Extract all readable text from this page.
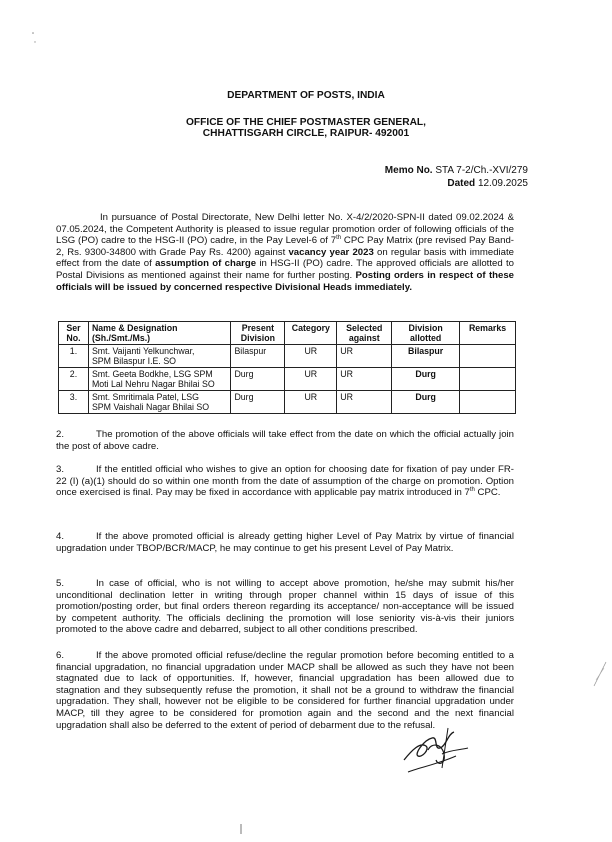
DEPARTMENT OF POSTS, INDIA
OFFICE OF THE CHIEF POSTMASTER GENERAL,
CHHATTISGARH CIRCLE, RAIPUR- 492001
Memo No. STA 7-2/Ch.-XVI/279
Dated 12.09.2025
In pursuance of Postal Directorate, New Delhi letter No. X-4/2/2020-SPN-II dated 09.02.2024 & 07.05.2024, the Competent Authority is pleased to issue regular promotion order of following officials of the LSG (PO) cadre to the HSG-II (PO) cadre, in the Pay Level-6 of 7th CPC Pay Matrix (pre revised Pay Band-2, Rs. 9300-34800 with Grade Pay Rs. 4200) against vacancy year 2023 on regular basis with immediate effect from the date of assumption of charge in HSG-II (PO) cadre. The approved officials are allotted to Postal Divisions as mentioned against their name for further posting. Posting orders in respect of these officials will be issued by concerned respective Divisional Heads immediately.
Ser No.	Name & Designation (Sh./Smt./Ms.)	Present Division	Category	Selected against	Division allotted	Remarks
1.	Smt. Vaijanti Yelkunchwar,
SPM Bilaspur I.E. SO	Bilaspur	UR	UR	Bilaspur	
2.	Smt. Geeta Bodkhe, LSG SPM
Moti Lal Nehru Nagar Bhilai SO	Durg	UR	UR	Durg	
3.	Smt. Smritimala Patel, LSG
SPM Vaishali Nagar Bhilai SO	Durg	UR	UR	Durg	
2.	The promotion of the above officials will take effect from the date on which the official actually join the post of above cadre.
3.	If the entitled official who wishes to give an option for choosing date for fixation of pay under FR-22 (I) (a)(1) should do so within one month from the date of assumption of the charge on promotion. Option once exercised is final. Pay may be fixed in accordance with applicable pay matrix introduced in 7th CPC.
4.	If the above promoted official is already getting higher Level of Pay Matrix by virtue of financial upgradation under TBOP/BCR/MACP, he may continue to get his present Level of Pay Matrix.
5.	In case of official, who is not willing to accept above promotion, he/she may submit his/her unconditional declination letter in writing through proper channel within 15 days of issue of this promotion/posting order, but final orders thereon regarding its acceptance/ non-acceptance will be issued by competent authority. The officials declining the promotion will lose seniority vis-à-vis their juniors promoted to the above cadre and debarred, subject to all other conditions prescribed.
6.	If the above promoted official refuse/decline the regular promotion before becoming entitled to a financial upgradation, no financial upgradation under MACP shall be allowed as such they have not been stagnated due to lack of opportunities. If, however, financial upgradation has been allowed due to stagnation and they subsequently refuse the promotion, it shall not be a ground to withdraw the financial upgradation. They shall, however not be eligible to be considered for further financial upgradation under MACP, till they agree to be considered for promotion again and the second and the next financial upgradation shall also be deferred to the extent of period of debarment due to the refusal.
